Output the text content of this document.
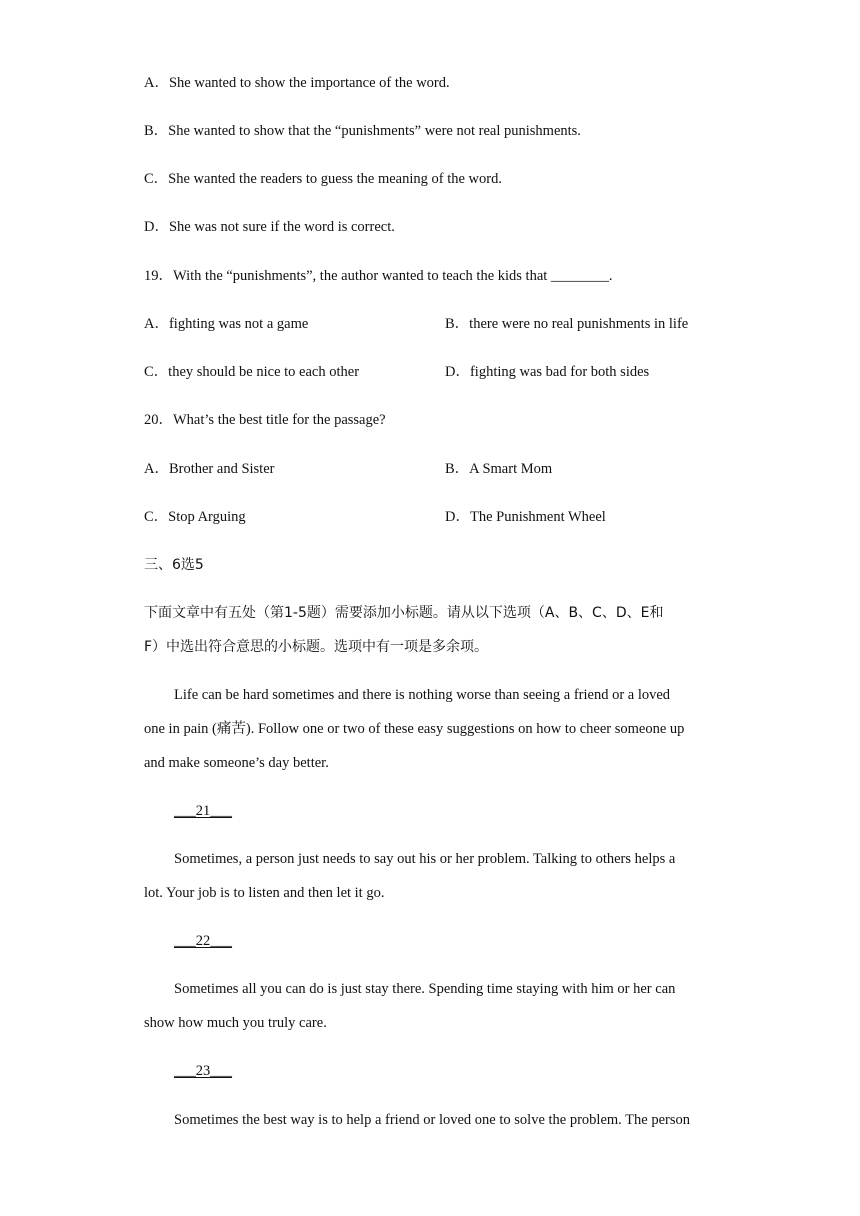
A．She wanted to show the importance of the word.
B．She wanted to show that the “punishments” were not real punishments.
C．She wanted the readers to guess the meaning of the word.
D．She was not sure if the word is correct.
19．With the “punishments”, the author wanted to teach the kids that ________.
A．fighting was not a game	B．there were no real punishments in life
C．they should be nice to each other	D．fighting was bad for both sides
20．What’s the best title for the passage?
A．Brother and Sister	B．A Smart Mom
C．Stop Arguing	D．The Punishment Wheel
三、6选5
下面文章中有五处（第1-5题）需要添加小标题。请从以下选项（A、B、C、D、E和
F）中选出符合意思的小标题。选项中有一项是多余项。
Life can be hard sometimes and there is nothing worse than seeing a friend or a loved
one in pain (痛苦). Follow one or two of these easy suggestions on how to cheer someone up
and make someone’s day better.
___21___
Sometimes, a person just needs to say out his or her problem. Talking to others helps a
lot. Your job is to listen and then let it go.
___22___
Sometimes all you can do is just stay there. Spending time staying with him or her can
show how much you truly care.
___23___
Sometimes the best way is to help a friend or loved one to solve the problem. The person
